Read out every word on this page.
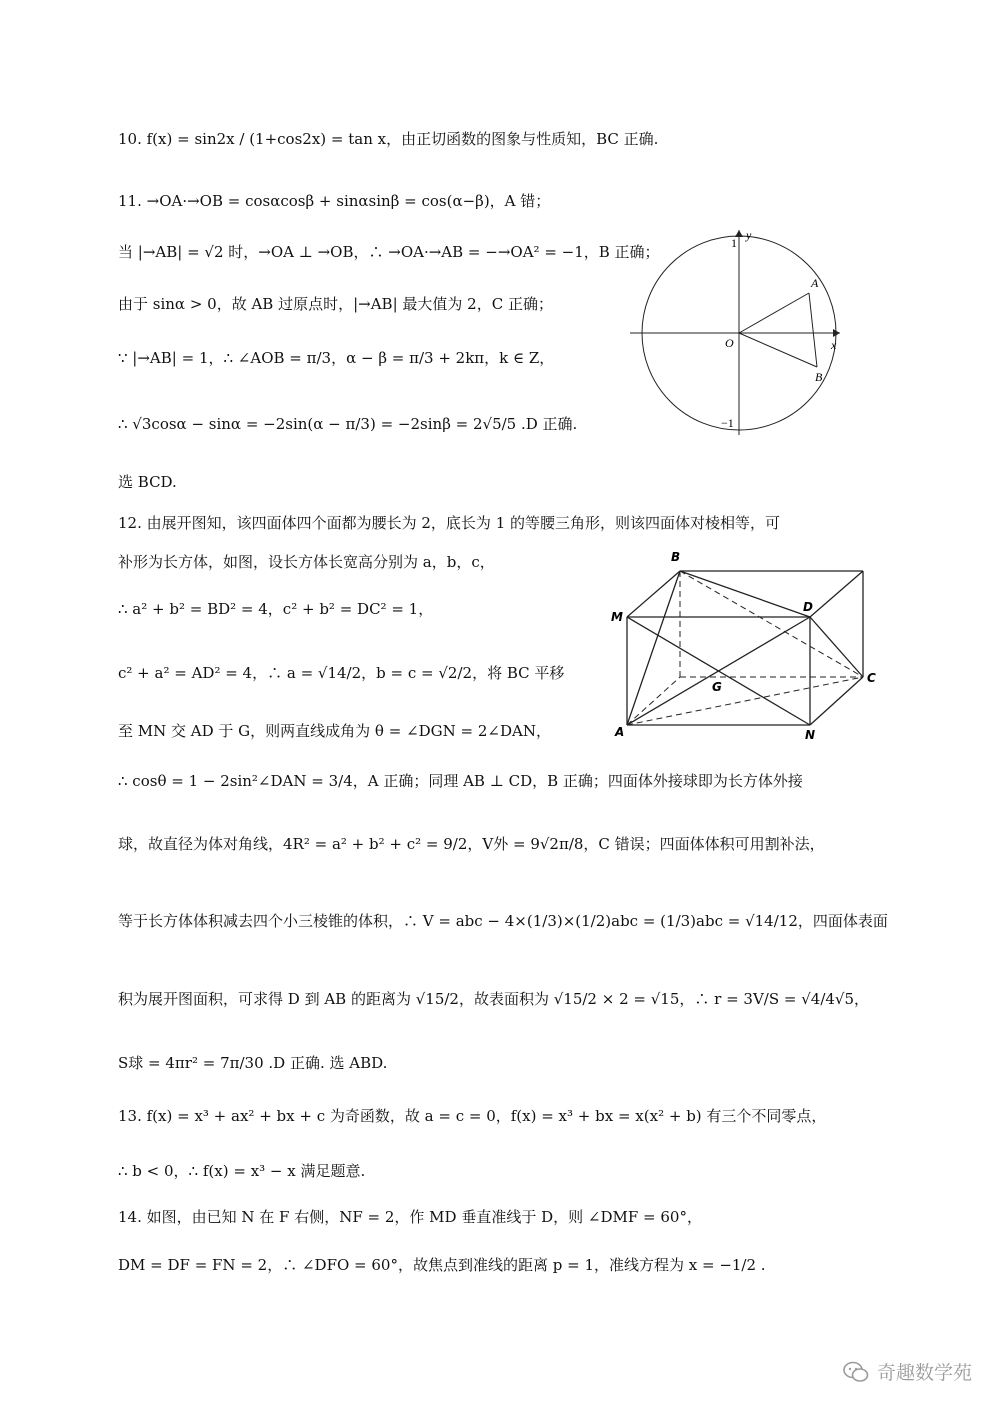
10. f(x) = sin2x / (1+cos2x) = tan x，由正切函数的图象与性质知，BC 正确.
11. →OA·→OB = cosαcosβ + sinαsinβ = cos(α−β)，A 错；
当 |→AB| = √2 时，→OA ⊥ →OB，∴ →OA·→AB = −→OA² = −1，B 正确；
由于 sinα > 0，故 AB 过原点时，|→AB| 最大值为 2，C 正确；
∵ |→AB| = 1，∴ ∠AOB = π/3，α − β = π/3 + 2kπ，k ∈ Z，
∴ √3cosα − sinα = −2sin(α − π/3) = −2sinβ = 2√5/5 .D 正确.
选 BCD.
y
1
x
O
A
B
−1
12. 由展开图知，该四面体四个面都为腰长为 2，底长为 1 的等腰三角形，则该四面体对棱相等，可
补形为长方体，如图，设长方体长宽高分别为 a，b，c，
∴ a² + b² = BD² = 4，c² + b² = DC² = 1，
c² + a² = AD² = 4，∴ a = √14/2，b = c = √2/2，将 BC 平移
至 MN 交 AD 于 G，则两直线成角为 θ = ∠DGN = 2∠DAN，
∴ cosθ = 1 − 2sin²∠DAN = 3/4，A 正确；同理 AB ⊥ CD，B 正确；四面体外接球即为长方体外接
球，故直径为体对角线，4R² = a² + b² + c² = 9/2，V外 = 9√2π/8，C 错误；四面体体积可用割补法，
等于长方体体积减去四个小三棱锥的体积，∴ V = abc − 4×(1/3)×(1/2)abc = (1/3)abc = √14/12，四面体表面
积为展开图面积，可求得 D 到 AB 的距离为 √15/2，故表面积为 √15/2 × 2 = √15，∴ r = 3V/S = √4/4√5，
S球 = 4πr² = 7π/30 .D 正确. 选 ABD.
B
D
M
G
C
A	N
13. f(x) = x³ + ax² + bx + c 为奇函数，故 a = c = 0，f(x) = x³ + bx = x(x² + b) 有三个不同零点，
∴ b < 0，∴ f(x) = x³ − x 满足题意.
14. 如图，由已知 N 在 F 右侧，NF = 2，作 MD 垂直准线于 D，则 ∠DMF = 60°，
DM = DF = FN = 2，∴ ∠DFO = 60°，故焦点到准线的距离 p = 1，准线方程为 x = −1/2 .
奇趣数学苑
